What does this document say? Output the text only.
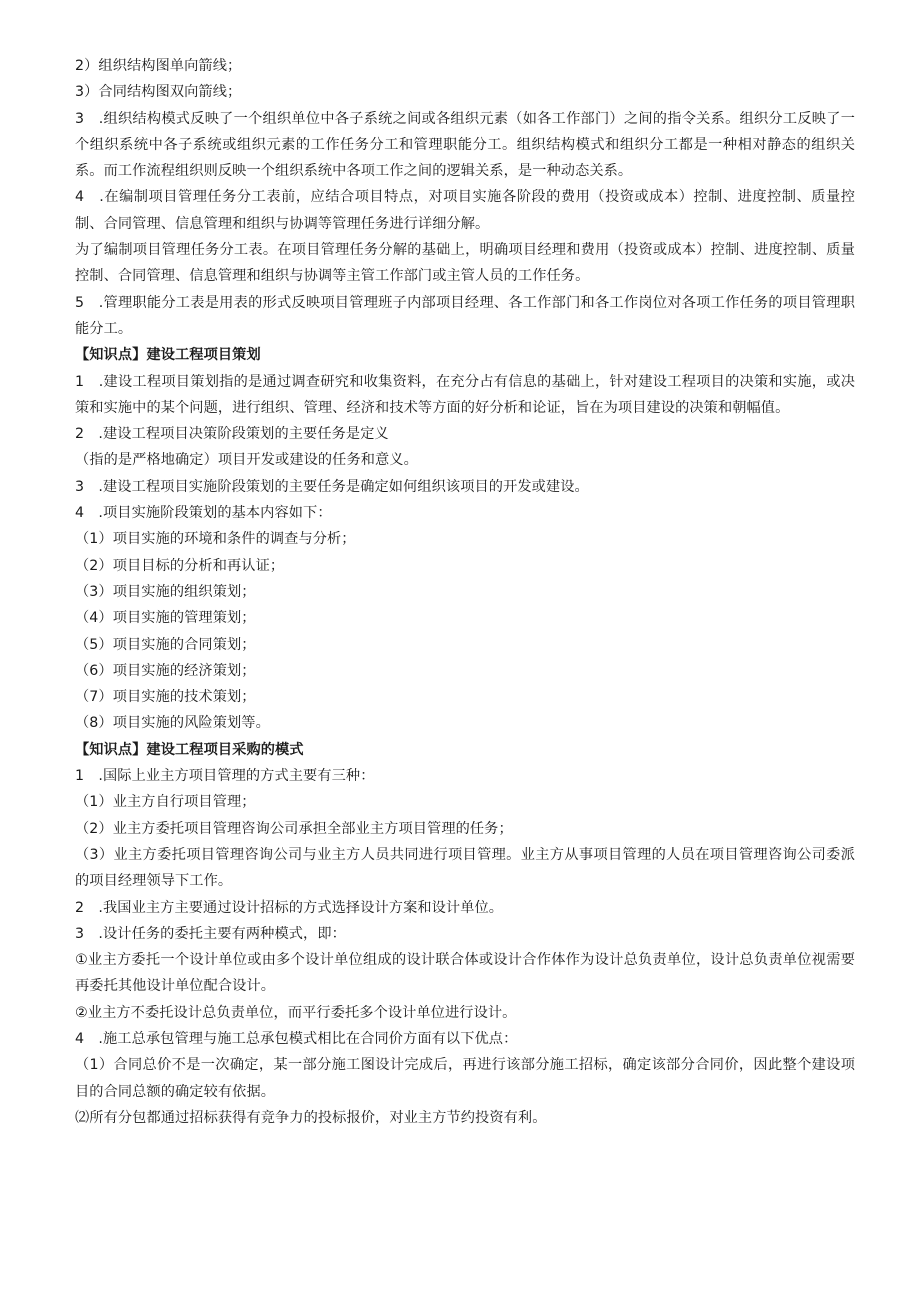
2）组织结构图单向箭线；

3）合同结构图双向箭线；

3　.组织结构模式反映了一个组织单位中各子系统之间或各组织元素（如各工作部门）之间的指令关系。组织分工反映了一个组织系统中各子系统或组织元素的工作任务分工和管理职能分工。组织结构模式和组织分工都是一种相对静态的组织关系。而工作流程组织则反映一个组织系统中各项工作之间的逻辑关系，是一种动态关系。

4　.在编制项目管理任务分工表前，应结合项目特点，对项目实施各阶段的费用（投资或成本）控制、进度控制、质量控制、合同管理、信息管理和组织与协调等管理任务进行详细分解。

为了编制项目管理任务分工表。在项目管理任务分解的基础上，明确项目经理和费用（投资或成本）控制、进度控制、质量控制、合同管理、信息管理和组织与协调等主管工作部门或主管人员的工作任务。

5　.管理职能分工表是用表的形式反映项目管理班子内部项目经理、各工作部门和各工作岗位对各项工作任务的项目管理职能分工。

【知识点】建设工程项目策划

1　.建设工程项目策划指的是通过调查研究和收集资料，在充分占有信息的基础上，针对建设工程项目的决策和实施，或决策和实施中的某个问题，进行组织、管理、经济和技术等方面的好分析和论证，旨在为项目建设的决策和朝幅值。

2　.建设工程项目决策阶段策划的主要任务是定义

（指的是严格地确定）项目开发或建设的任务和意义。

3　.建设工程项目实施阶段策划的主要任务是确定如何组织该项目的开发或建设。

4　.项目实施阶段策划的基本内容如下：

（1）项目实施的环境和条件的调查与分析；

（2）项目目标的分析和再认证；

（3）项目实施的组织策划；

（4）项目实施的管理策划；

（5）项目实施的合同策划；

（6）项目实施的经济策划；

（7）项目实施的技术策划；

（8）项目实施的风险策划等。

【知识点】建设工程项目采购的模式

1　.国际上业主方项目管理的方式主要有三种：

（1）业主方自行项目管理；

（2）业主方委托项目管理咨询公司承担全部业主方项目管理的任务；

（3）业主方委托项目管理咨询公司与业主方人员共同进行项目管理。业主方从事项目管理的人员在项目管理咨询公司委派的项目经理领导下工作。

2　.我国业主方主要通过设计招标的方式选择设计方案和设计单位。

3　.设计任务的委托主要有两种模式，即：

①业主方委托一个设计单位或由多个设计单位组成的设计联合体或设计合作体作为设计总负责单位，设计总负责单位视需要再委托其他设计单位配合设计。

②业主方不委托设计总负责单位，而平行委托多个设计单位进行设计。

4　.施工总承包管理与施工总承包模式相比在合同价方面有以下优点：

（1）合同总价不是一次确定，某一部分施工图设计完成后，再进行该部分施工招标，确定该部分合同价，因此整个建设项目的合同总额的确定较有依据。

⑵所有分包都通过招标获得有竞争力的投标报价，对业主方节约投资有利。
